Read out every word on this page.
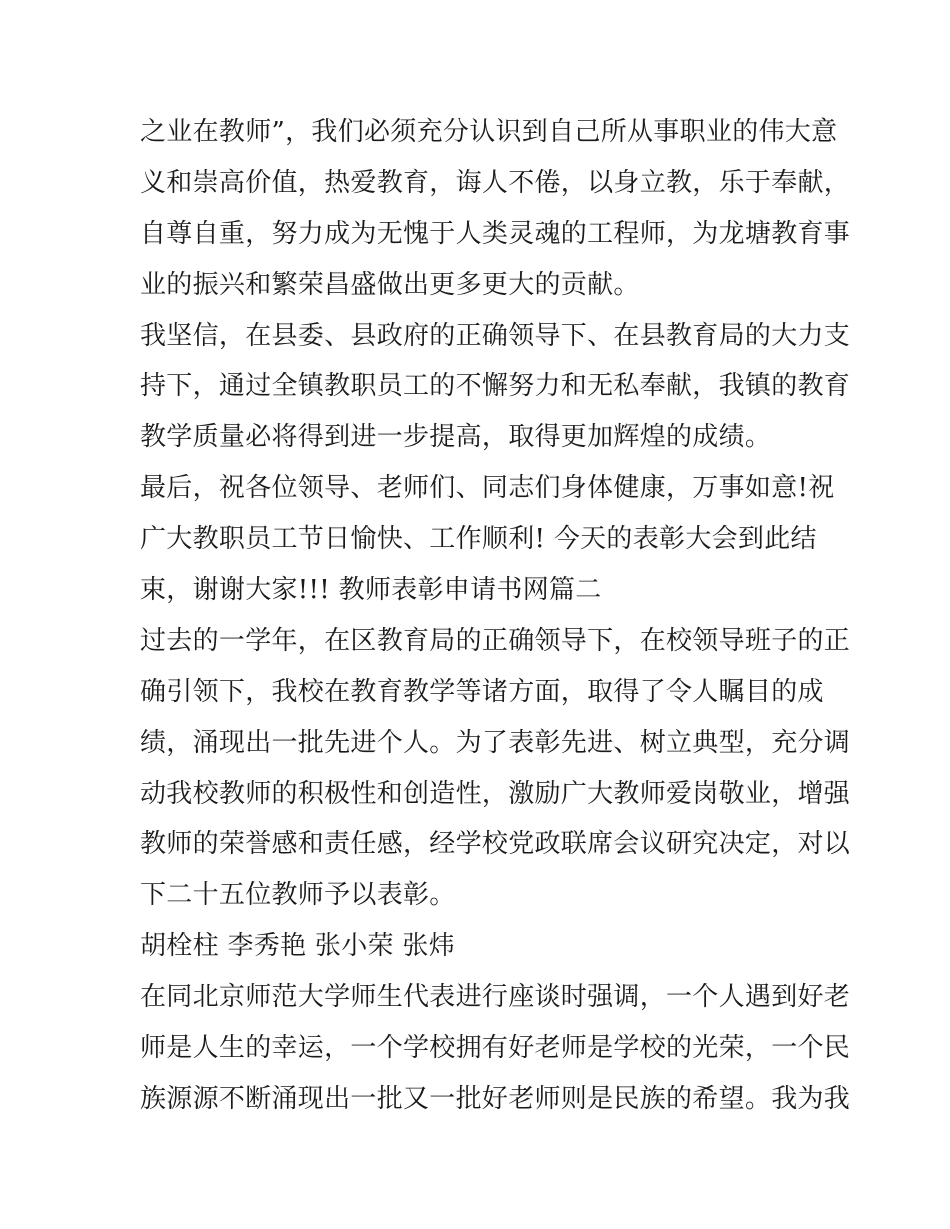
之业在教师”，我们必须充分认识到自己所从事职业的伟大意
义和崇高价值，热爱教育，诲人不倦，以身立教，乐于奉献，
自尊自重，努力成为无愧于人类灵魂的工程师，为龙塘教育事
业的振兴和繁荣昌盛做出更多更大的贡献。
我坚信，在县委、县政府的正确领导下、在县教育局的大力支
持下，通过全镇教职员工的不懈努力和无私奉献，我镇的教育
教学质量必将得到进一步提高，取得更加辉煌的成绩。
最后，祝各位领导、老师们、同志们身体健康，万事如意!祝
广大教职员工节日愉快、工作顺利! 今天的表彰大会到此结
束，谢谢大家!!! 教师表彰申请书网篇二
过去的一学年，在区教育局的正确领导下，在校领导班子的正
确引领下，我校在教育教学等诸方面，取得了令人瞩目的成
绩，涌现出一批先进个人。为了表彰先进、树立典型，充分调
动我校教师的积极性和创造性，激励广大教师爱岗敬业，增强
教师的荣誉感和责任感，经学校党政联席会议研究决定，对以
下二十五位教师予以表彰。
胡栓柱 李秀艳 张小荣 张炜
在同北京师范大学师生代表进行座谈时强调，一个人遇到好老
师是人生的幸运，一个学校拥有好老师是学校的光荣，一个民
族源源不断涌现出一批又一批好老师则是民族的希望。我为我
